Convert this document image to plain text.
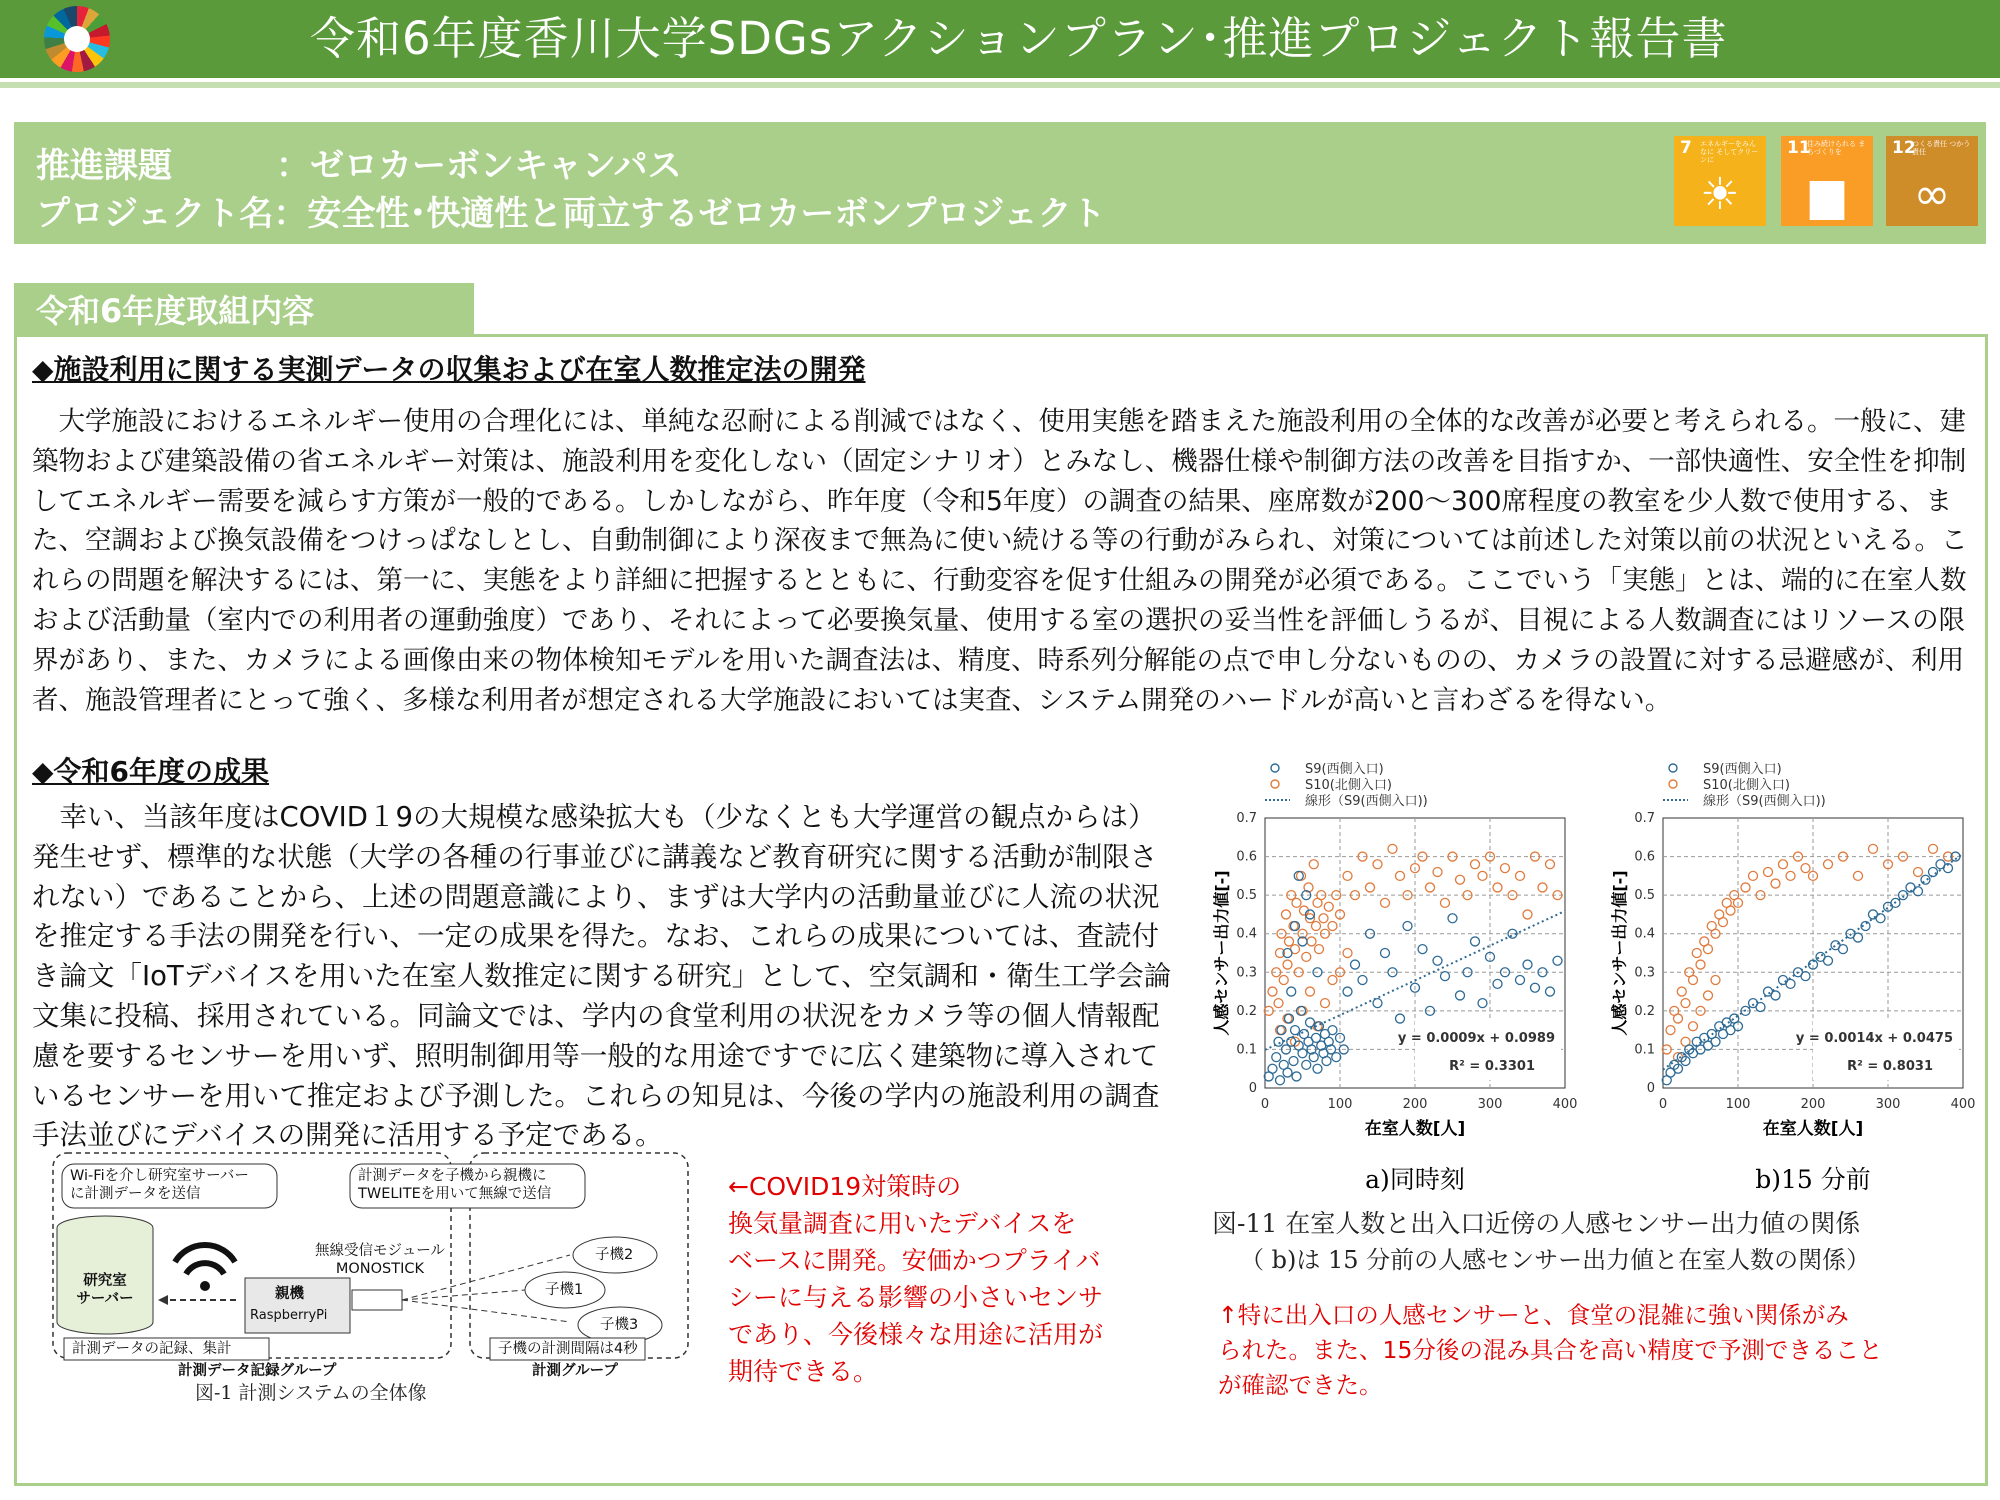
令和6年度香川大学SDGsアクションプラン･推進プロジェクト報告書
推進課題	：ゼロカーボンキャンパス
プロジェクト名：安全性･快適性と両立するゼロカーボンプロジェクト
7 エネルギーをみんなに そしてクリーンに
☀
11
住み続けられる まちづくりを
▆
12
つくる責任 つかう責任
∞
令和6年度取組内容
◆施設利用に関する実測データの収集および在室人数推定法の開発
　大学施設におけるエネルギー使用の合理化には、単純な忍耐による削減ではなく、使用実態を踏まえた施設利用の全体的な改善が必要と考えられる。一般に、建築物および建築設備の省エネルギー対策は、施設利用を変化しない（固定シナリオ）とみなし、機器仕様や制御方法の改善を目指すか、一部快適性、安全性を抑制してエネルギー需要を減らす方策が一般的である。しかしながら、昨年度（令和5年度）の調査の結果、座席数が200～300席程度の教室を少人数で使用する、また、空調および換気設備をつけっぱなしとし、自動制御により深夜まで無為に使い続ける等の行動がみられ、対策については前述した対策以前の状況といえる。これらの問題を解決するには、第一に、実態をより詳細に把握するとともに、行動変容を促す仕組みの開発が必須である。ここでいう「実態」とは、端的に在室人数および活動量（室内での利用者の運動強度）であり、それによって必要換気量、使用する室の選択の妥当性を評価しうるが、目視による人数調査にはリソースの限界があり、また、カメラによる画像由来の物体検知モデルを用いた調査法は、精度、時系列分解能の点で申し分ないものの、カメラの設置に対する忌避感が、利用者、施設管理者にとって強く、多様な利用者が想定される大学施設においては実査、システム開発のハードルが高いと言わざるを得ない。
◆令和6年度の成果
　幸い、当該年度はCOVID１9の大規模な感染拡大も（少なくとも大学運営の観点からは）発生せず、標準的な状態（大学の各種の行事並びに講義など教育研究に関する活動が制限されない）であることから、上述の問題意識により、まずは大学内の活動量並びに人流の状況を推定する手法の開発を行い、一定の成果を得た。なお、これらの成果については、査読付き論文「IoTデバイスを用いた在室人数推定に関する研究」として、空気調和・衛生工学会論文集に投稿、採用されている。同論文では、学内の食堂利用の状況をカメラ等の個人情報配慮を要するセンサーを用いず、照明制御用等一般的な用途ですでに広く建築物に導入されているセンサーを用いて推定および予測した。これらの知見は、今後の学内の施設利用の調査手法並びにデバイスの開発に活用する予定である。
Wi-Fiを介し研究室サーバー
に計測データを送信
計測データを子機から親機に
TWELITEを用いて無線で送信
研究室
サーバー
無線受信モジュール
MONOSTICK
親機
RaspberryPi
子機2
子機1
子機3
計測データの記録、集計	子機の計測間隔は4秒
計測データ記録グループ	計測グループ
図-1 計測システムの全体像
←COVID19対策時の
換気量調査に用いたデバイスを
ベースに開発。安価かつプライバ
シーに与える影響の小さいセンサ
であり、今後様々な用途に活用が
期待できる。
↑特に出入口の人感センサーと、食堂の混雑に強い関係がみ
られた。また、15分後の混み具合を高い精度で予測できること
が確認できた。
S9(西側入口)
S10(北側入口)
線形（S9(西側入口))
0
0.1
0.2
0.3
0.4
0.5
0.6
0.7
0	100	200	300	400
y = 0.0009x + 0.0989
R² = 0.3301
在室人数[人]
人感センサー出力値[-]
a)同時刻
S9(西側入口)
S10(北側入口)
線形（S9(西側入口))
0
0.1
0.2
0.3
0.4
0.5
0.6
0.7
0	100	200	300	400
y = 0.0014x + 0.0475
R² = 0.8031
在室人数[人]
人感センサー出力値[-]
b)15 分前
図-11 在室人数と出入口近傍の人感センサー出力値の関係
（ b)は 15 分前の人感センサー出力値と在室人数の関係）
